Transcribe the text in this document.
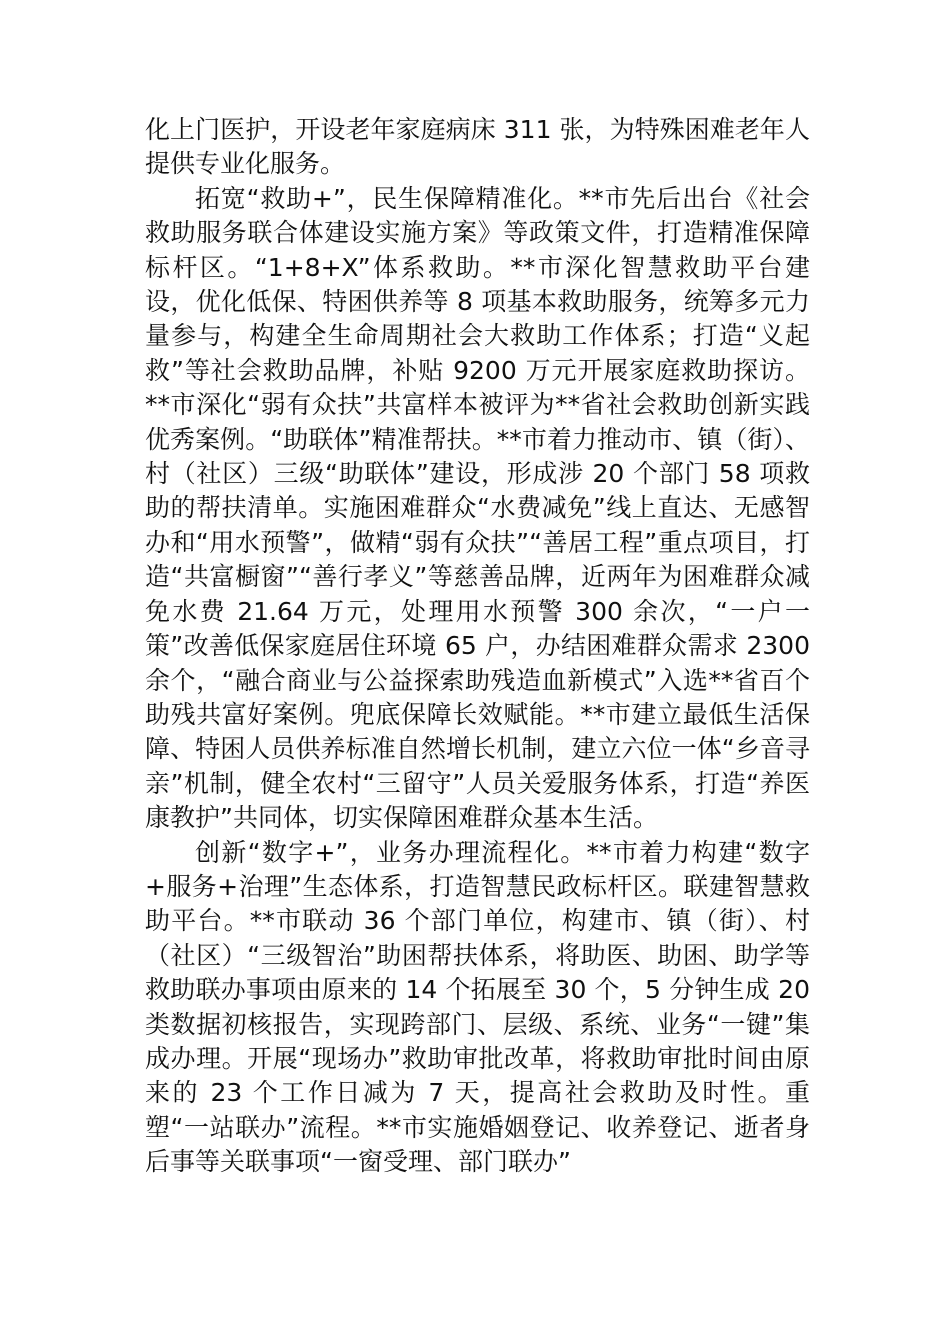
化上门医护，开设老年家庭病床 311 张，为特殊困难老年人提供专业化服务。

拓宽“救助+”，民生保障精准化。**市先后出台《社会救助服务联合体建设实施方案》等政策文件，打造精准保障标杆区。“1+8+X”体系救助。**市深化智慧救助平台建设，优化低保、特困供养等 8 项基本救助服务，统筹多元力量参与，构建全生命周期社会大救助工作体系；打造“义起救”等社会救助品牌，补贴 9200 万元开展家庭救助探访。**市深化“弱有众扶”共富样本被评为**省社会救助创新实践优秀案例。“助联体”精准帮扶。**市着力推动市、镇（街）、村（社区）三级“助联体”建设，形成涉 20 个部门 58 项救助的帮扶清单。实施困难群众“水费减免”线上直达、无感智办和“用水预警”，做精“弱有众扶”“善居工程”重点项目，打造“共富橱窗”“善行孝义”等慈善品牌，近两年为困难群众减免水费 21.64 万元，处理用水预警 300 余次，“一户一策”改善低保家庭居住环境 65 户，办结困难群众需求 2300 余个，“融合商业与公益探索助残造血新模式”入选**省百个助残共富好案例。兜底保障长效赋能。**市建立最低生活保障、特困人员供养标准自然增长机制，建立六位一体“乡音寻亲”机制，健全农村“三留守”人员关爱服务体系，打造“养医康教护”共同体，切实保障困难群众基本生活。

创新“数字+”，业务办理流程化。**市着力构建“数字+服务+治理”生态体系，打造智慧民政标杆区。联建智慧救助平台。**市联动 36 个部门单位，构建市、镇（街）、村（社区）“三级智治”助困帮扶体系，将助医、助困、助学等救助联办事项由原来的 14 个拓展至 30 个，5 分钟生成 20 类数据初核报告，实现跨部门、层级、系统、业务“一键”集成办理。开展“现场办”救助审批改革，将救助审批时间由原来的 23 个工作日减为 7 天，提高社会救助及时性。重塑“一站联办”流程。**市实施婚姻登记、收养登记、逝者身后事等关联事项“一窗受理、部门联办”
